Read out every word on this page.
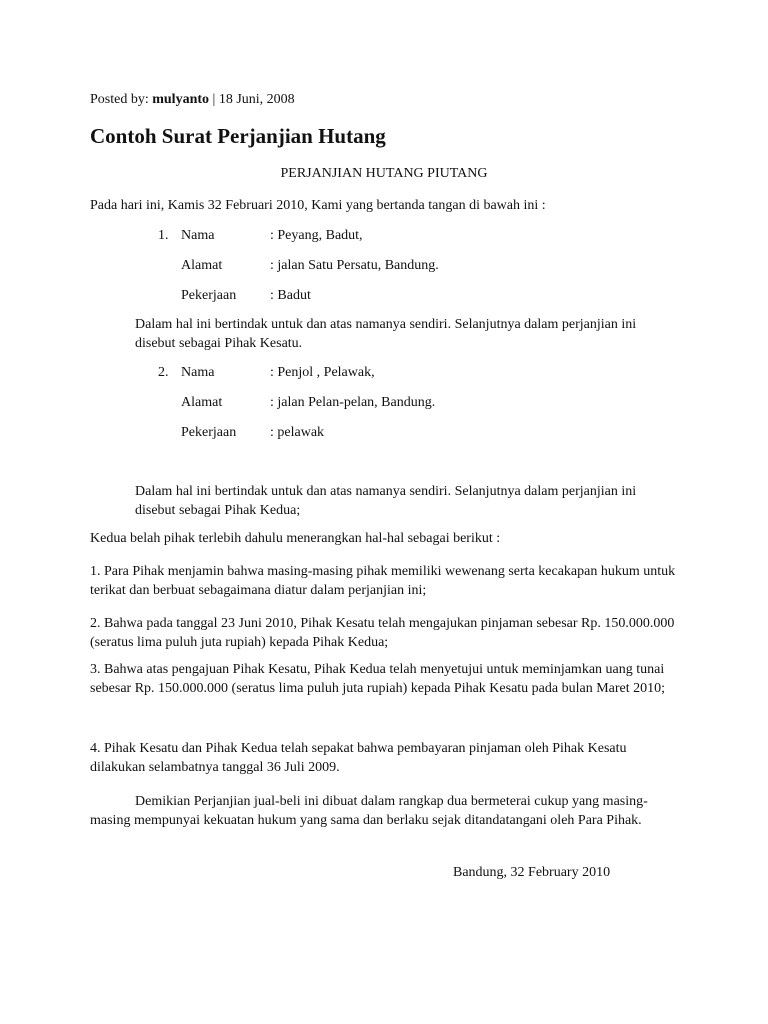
Posted by: mulyanto | 18 Juni, 2008
Contoh Surat Perjanjian Hutang
PERJANJIAN HUTANG PIUTANG
Pada hari ini, Kamis 32 Februari 2010, Kami yang bertanda tangan di bawah ini :
1. Nama	: Peyang, Badut,
Alamat	: jalan Satu Persatu, Bandung.
Pekerjaan : Badut
Dalam hal ini bertindak untuk dan atas namanya sendiri. Selanjutnya dalam perjanjian ini disebut sebagai Pihak Kesatu.
2. Nama	: Penjol , Pelawak,
Alamat	: jalan Pelan-pelan, Bandung.
Pekerjaan : pelawak
Dalam hal ini bertindak untuk dan atas namanya sendiri. Selanjutnya dalam perjanjian ini disebut sebagai Pihak Kedua;
Kedua belah pihak terlebih dahulu menerangkan hal-hal sebagai berikut :
1. Para Pihak menjamin bahwa masing-masing pihak memiliki wewenang serta kecakapan hukum untuk terikat dan berbuat sebagaimana diatur dalam perjanjian ini;
2. Bahwa pada tanggal 23 Juni 2010, Pihak Kesatu telah mengajukan pinjaman sebesar Rp. 150.000.000 (seratus lima puluh juta rupiah) kepada Pihak Kedua;
3. Bahwa atas pengajuan Pihak Kesatu, Pihak Kedua telah menyetujui untuk meminjamkan uang tunai sebesar Rp. 150.000.000 (seratus lima puluh juta rupiah) kepada Pihak Kesatu pada bulan Maret 2010;
4. Pihak Kesatu dan Pihak Kedua telah sepakat bahwa pembayaran pinjaman oleh Pihak Kesatu dilakukan selambatnya tanggal 36 Juli 2009.
Demikian Perjanjian jual-beli ini dibuat dalam rangkap dua bermeterai cukup yang masing-masing mempunyai kekuatan hukum yang sama dan berlaku sejak ditandatangani oleh Para Pihak.
Bandung, 32 February 2010
